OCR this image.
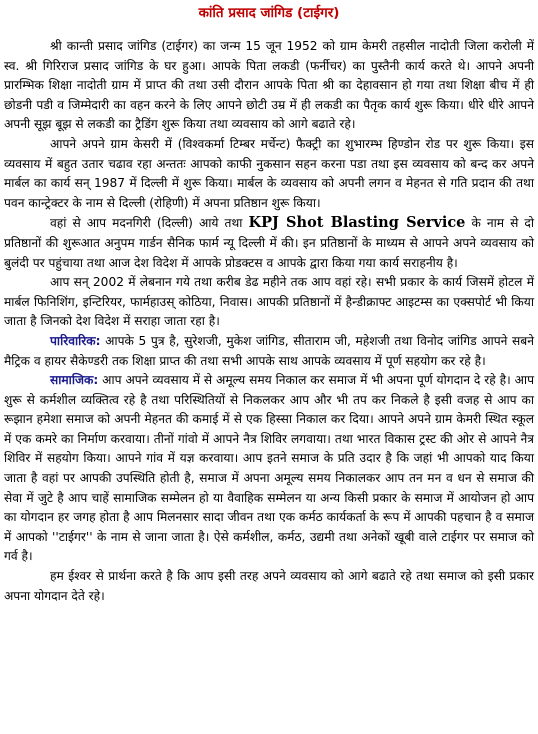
कांति प्रसाद जांगिड (टाईगर)

श्री कान्ती प्रसाद जांगिड (टाईगर) का जन्म 15 जून 1952 को ग्राम केमरी तहसील नादोती जिला करोली में स्व. श्री गिरिराज प्रसाद जांगिड के घर हुआ। आपके पिता लकडी (फर्नीचर) का पुस्तैनी कार्य करते थे। आपने अपनी प्रारम्भिक शिक्षा नादोती ग्राम में प्राप्त की तथा उसी दौरान आपके पिता श्री का देहावसान हो गया तथा शिक्षा बीच में ही छोडनी पडी व जिम्मेदारी का वहन करने के लिए आपने छोटी उम्र में ही लकडी का पैतृक कार्य शुरू किया। धीरे धीरे आपने अपनी सूझ बूझ से लकडी का ट्रैडिंग शुरू किया तथा व्यवसाय को आगे बढाते रहे।

आपने अपने ग्राम केसरी में (विश्वकर्मा टिम्बर मर्चेन्ट) फैक्ट्री का शुभारम्भ हिण्डोन रोड पर शुरू किया। इस व्यवसाय में बहुत उतार चढाव रहा अन्ततः आपको काफी नुकसान सहन करना पडा तथा इस व्यवसाय को बन्द कर अपने मार्बल का कार्य सन् 1987 में दिल्ली में शुरू किया। मार्बल के व्यवसाय को अपनी लगन व मेहनत से गति प्रदान की तथा पवन कान्ट्रेक्टर के नाम से दिल्ली (रोहिणी) में अपना प्रतिष्ठान शुरू किया।

वहां से आप मदनगिरी (दिल्ली) आये तथा KPJ Shot Blasting Service के नाम से दो प्रतिष्ठानों की शुरूआत अनुपम गार्डन सैनिक फार्म न्यू दिल्ली में की। इन प्रतिष्ठानों के माध्यम से आपने अपने व्यवसाय को बुलंदी पर पहुंचाया तथा आज देश विदेश में आपके प्रोडक्टस व आपके द्वारा किया गया कार्य सराहनीय है।

आप सन् 2002 में लेबनान गये तथा करीब डेढ महीने तक आप वहां रहे। सभी प्रकार के कार्य जिसमें होटल में मार्बल फिनिशिंग, इन्टिरियर, फार्महाउस् कोठिया, निवास। आपकी प्रतिष्ठानों में हैन्डीक्राफ्ट आइटम्स का एक्सपोर्ट भी किया जाता है जिनको देश विदेश में सराहा जाता रहा है।

पारिवारिक: आपके 5 पुत्र है, सुरेशजी, मुकेश जांगिड, सीताराम जी, महेशजी तथा विनोद जांगिड आपने सबने मैट्रिक व हायर सैकेण्डरी तक शिक्षा प्राप्त की तथा सभी आपके साथ आपके व्यवसाय में पूर्ण सहयोग कर रहे है।

सामाजिक: आप अपने व्यवसाय में से अमूल्य समय निकाल कर समाज में भी अपना पूर्ण योगदान दे रहे है। आप शुरू से कर्मशील व्यक्तित्व रहे है तथा परिस्थितियों से निकलकर आप और भी तप कर निकले है इसी वजह से आप का रूझान हमेशा समाज को अपनी मेहनत की कमाई में से एक हिस्सा निकाल कर दिया। आपने अपने ग्राम केमरी स्थित स्कूल में एक कमरे का निर्माण करवाया। तीनों गांवो में आपने नैत्र शिविर लगवाया। तथा भारत विकास ट्रस्ट की ओर से आपने नैत्र शिविर में सहयोग किया। आपने गांव में यज्ञ करवाया। आप इतने समाज के प्रति उदार है कि जहां भी आपको याद किया जाता है वहां पर आपकी उपस्थिति होती है, समाज में अपना अमूल्य समय निकालकर आप तन मन व धन से समाज की सेवा में जुटे है आप चाहें सामाजिक सम्मेलन हो या वैवाहिक सम्मेलन या अन्य किसी प्रकार के समाज में आयोजन हो आप का योगदान हर जगह होता है आप मिलनसार सादा जीवन तथा एक कर्मठ कार्यकर्ता के रूप में आपकी पहचान है व समाज में आपको ''टाईगर'' के नाम से जाना जाता है। ऐसे कर्मशील, कर्मठ, उद्यमी तथा अनेकों खूबी वाले टाईगर पर समाज को गर्व है।

हम ईश्वर से प्रार्थना करते है कि आप इसी तरह अपने व्यवसाय को आगे बढाते रहे तथा समाज को इसी प्रकार अपना योगदान देते रहे।
